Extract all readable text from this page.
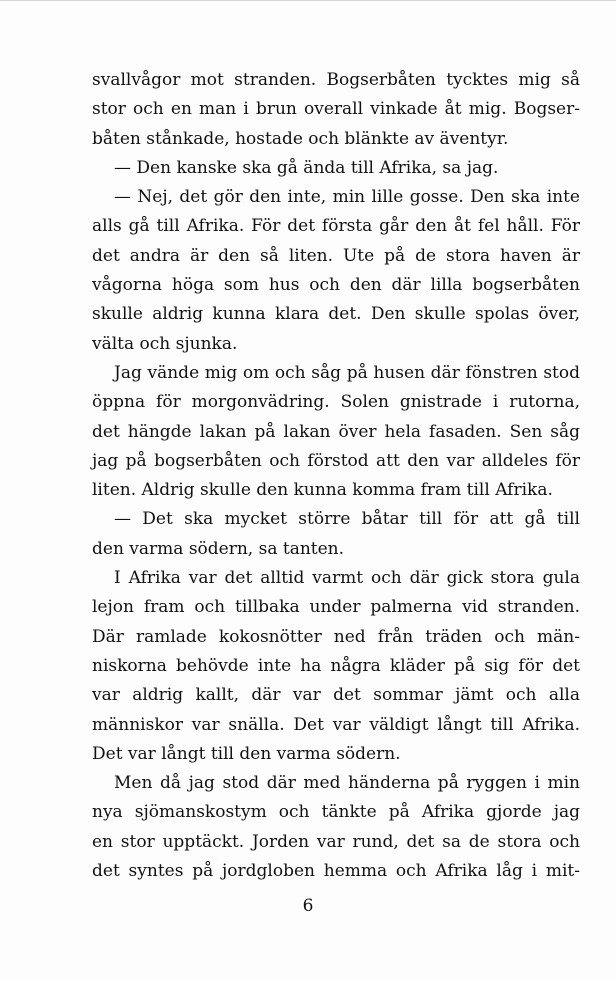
svallvågor mot stranden. Bogserbåten tycktes mig så
stor och en man i brun overall vinkade åt mig. Bogser-
båten stånkade, hostade och blänkte av äventyr.
— Den kanske ska gå ända till Afrika, sa jag.
— Nej, det gör den inte, min lille gosse. Den ska inte
alls gå till Afrika. För det första går den åt fel håll. För
det andra är den så liten. Ute på de stora haven är
vågorna höga som hus och den där lilla bogserbåten
skulle aldrig kunna klara det. Den skulle spolas över,
välta och sjunka.
Jag vände mig om och såg på husen där fönstren stod
öppna för morgonvädring. Solen gnistrade i rutorna,
det hängde lakan på lakan över hela fasaden. Sen såg
jag på bogserbåten och förstod att den var alldeles för
liten. Aldrig skulle den kunna komma fram till Afrika.
— Det ska mycket större båtar till för att gå till
den varma södern, sa tanten.
I Afrika var det alltid varmt och där gick stora gula
lejon fram och tillbaka under palmerna vid stranden.
Där ramlade kokosnötter ned från träden och män-
niskorna behövde inte ha några kläder på sig för det
var aldrig kallt, där var det sommar jämt och alla
människor var snälla. Det var väldigt långt till Afrika.
Det var långt till den varma södern.
Men då jag stod där med händerna på ryggen i min
nya sjömanskostym och tänkte på Afrika gjorde jag
en stor upptäckt. Jorden var rund, det sa de stora och
det syntes på jordgloben hemma och Afrika låg i mit-
6
